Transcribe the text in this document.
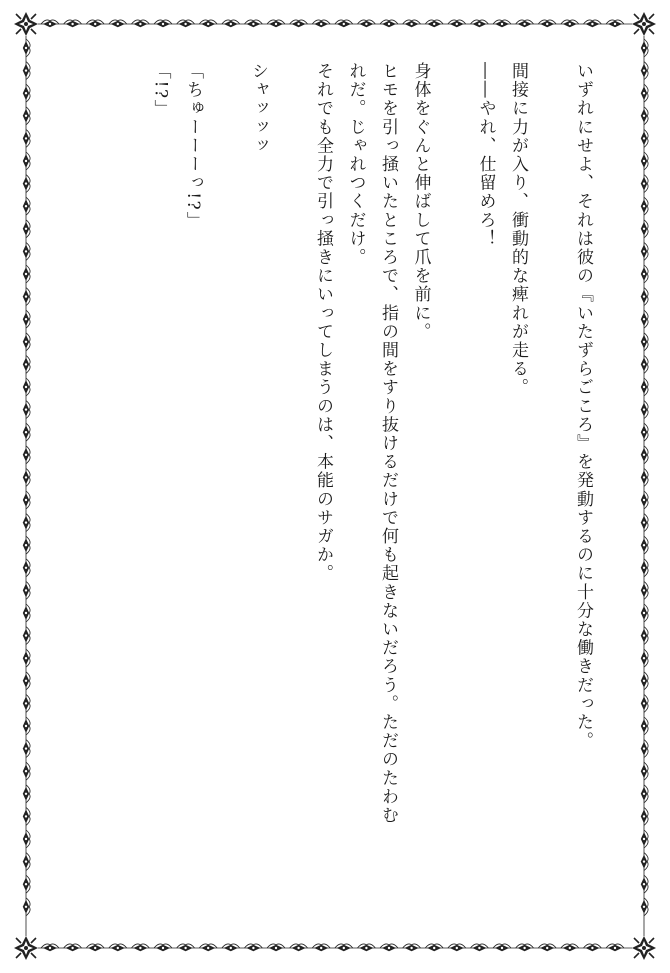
いずれにせよ、それは彼の『いたずらごころ』を発動するのに十分な働きだった。
間接に力が入り、衝動的な痺れが走る。
――やれ、仕留めろ！
身体をぐんと伸ばして爪を前に。
ヒモを引っ掻いたところで、指の間をすり抜けるだけで何も起きないだろう。ただのたわむ
れだ。じゃれつくだけ。
それでも全力で引っ掻きにいってしまうのは、本能のサガか。
シャッッッ
「ちゅーーーっ!?」
「!?」
